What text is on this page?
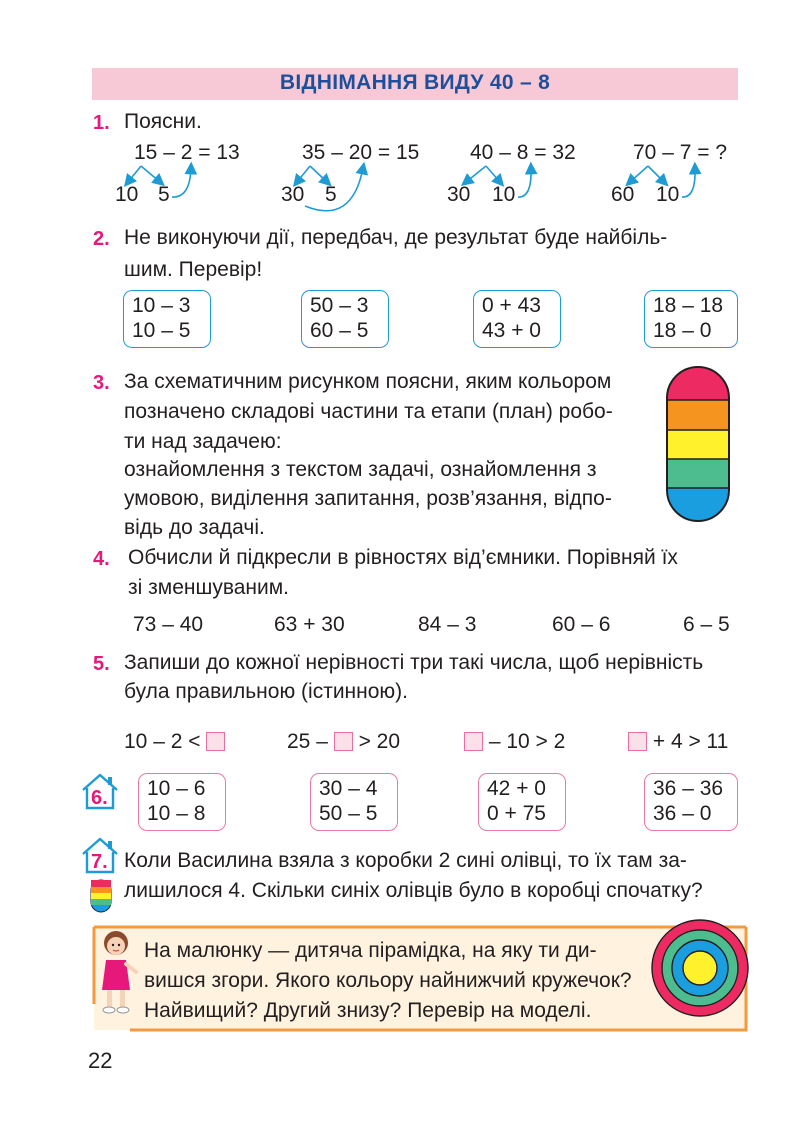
ВІДНІМАННЯ ВИДУ 40 – 8
1. Поясни.
15 – 2 = 13
10 5
35 – 20 = 15
30 5
40 – 8 = 32
30 10
70 – 7 = ?
60 10
2. Не виконуючи дії, передбач, де результат буде найбіль-
шим. Перевір!
10 – 3
10 – 5
50 – 3
60 – 5
0 + 43
43 + 0
18 – 18
18 – 0
3. За схематичним рисунком поясни, яким кольором
позначено складові частини та етапи (план) робо-
ти над задачею:
ознайомлення з текстом задачі, ознайомлення з
умовою, виділення запитання, розв’язання, відпо-
відь до задачі.
4. Обчисли й підкресли в рівностях від’ємники. Порівняй їх
зі зменшуваним.
73 – 40	63 + 30	84 – 3	60 – 6	6 – 5
5. Запиши до кожної нерівності три такі числа, щоб нерівність
була правильною (істинною).
10 – 2 <	25 – > 20	– 10 > 2	+ 4 > 11
6. 10 – 6
10 – 8
30 – 4
50 – 5
42 + 0
0 + 75
36 – 36
36 – 0
7. Коли Василина взяла з коробки 2 сині олівці, то їх там за-
лишилося 4. Скільки синіх олівців було в коробці спочатку?
На малюнку — дитяча пірамідка, на яку ти ди-
вишся згори. Якого кольору найнижчий кружечок?
Найвищий? Другий знизу? Перевір на моделі.
22
